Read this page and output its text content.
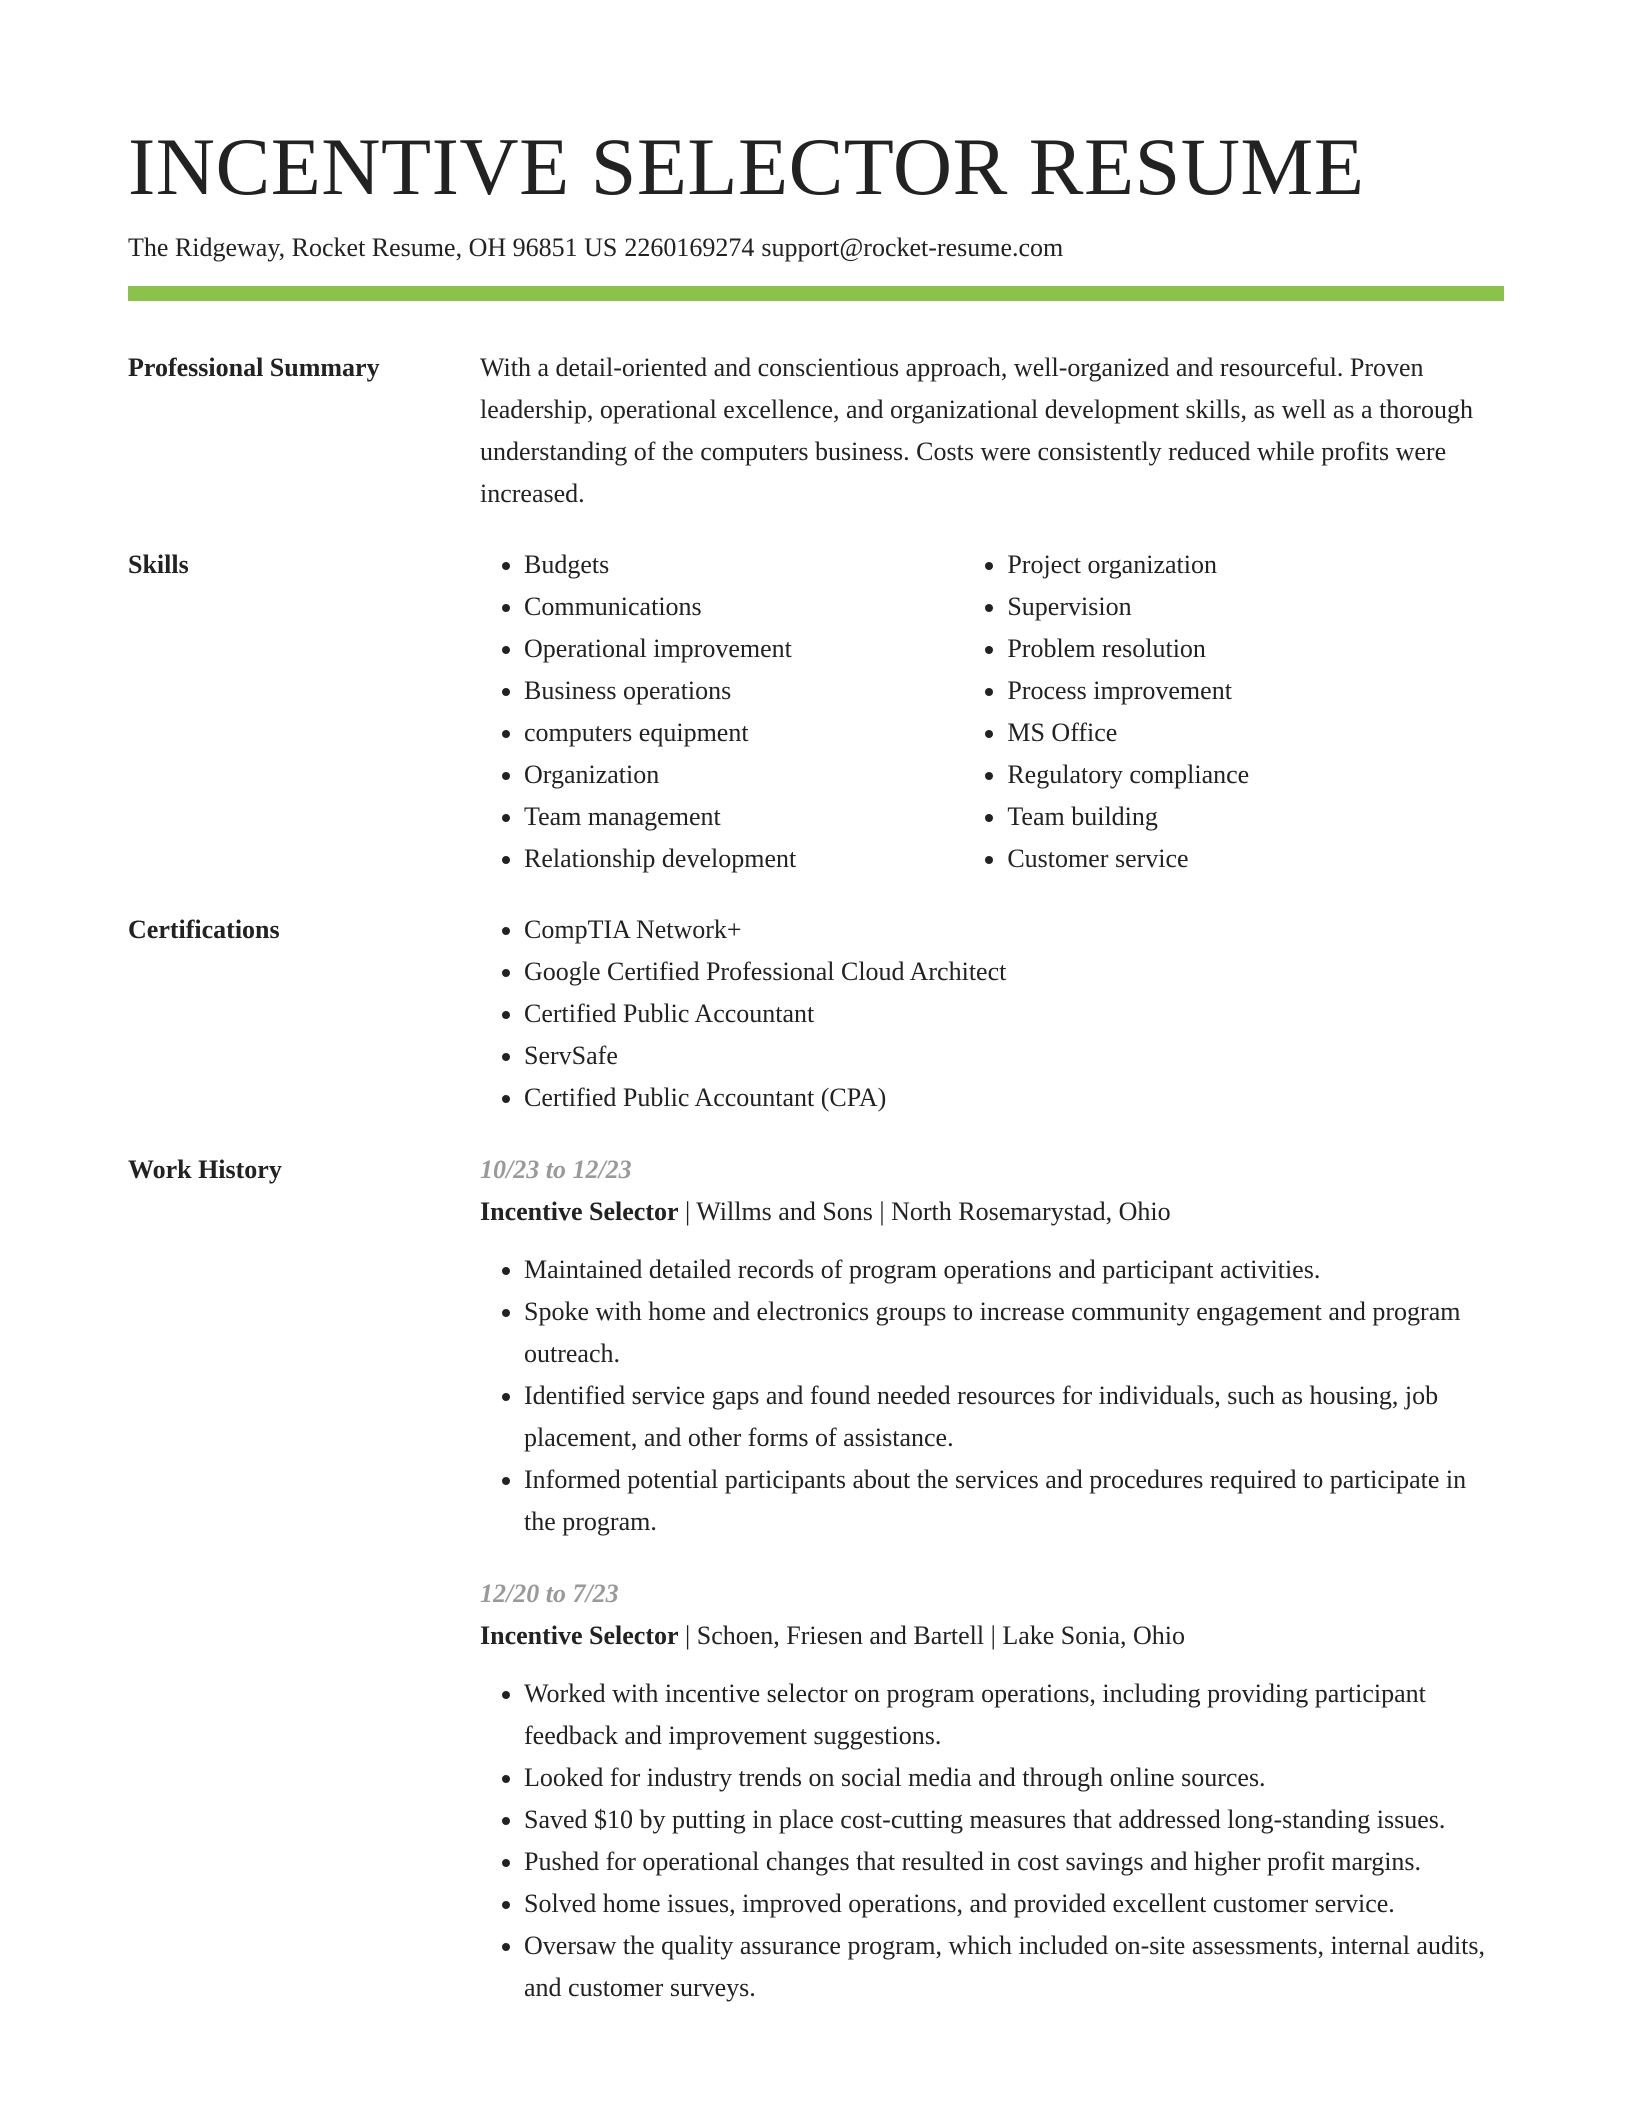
INCENTIVE SELECTOR RESUME
The Ridgeway, Rocket Resume, OH 96851 US 2260169274 support@rocket-resume.com
Professional Summary	With a detail-oriented and conscientious approach, well-organized and resourceful. Proven leadership, operational excellence, and organizational development skills, as well as a thorough understanding of the computers business. Costs were consistently reduced while profits were increased.

Skills	• Budgets
• Communications
• Operational improvement
• Business operations
• computers equipment
• Organization
• Team management
• Relationship development
• Project organization
• Supervision
• Problem resolution
• Process improvement
• MS Office
• Regulatory compliance
• Team building
• Customer service
Certifications	• CompTIA Network+
• Google Certified Professional Cloud Architect
• Certified Public Accountant
• ServSafe
• Certified Public Accountant (CPA)
Work History	10/23 to 12/23
Incentive Selector | Willms and Sons | North Rosemarystad, Ohio
• Maintained detailed records of program operations and participant activities.
• Spoke with home and electronics groups to increase community engagement and program outreach.
• Identified service gaps and found needed resources for individuals, such as housing, job placement, and other forms of assistance.
• Informed potential participants about the services and procedures required to participate in the program.
12/20 to 7/23
Incentive Selector | Schoen, Friesen and Bartell | Lake Sonia, Ohio
• Worked with incentive selector on program operations, including providing participant feedback and improvement suggestions.
• Looked for industry trends on social media and through online sources.
• Saved $10 by putting in place cost-cutting measures that addressed long-standing issues.
• Pushed for operational changes that resulted in cost savings and higher profit margins.
• Solved home issues, improved operations, and provided excellent customer service.
• Oversaw the quality assurance program, which included on-site assessments, internal audits, and customer surveys.
